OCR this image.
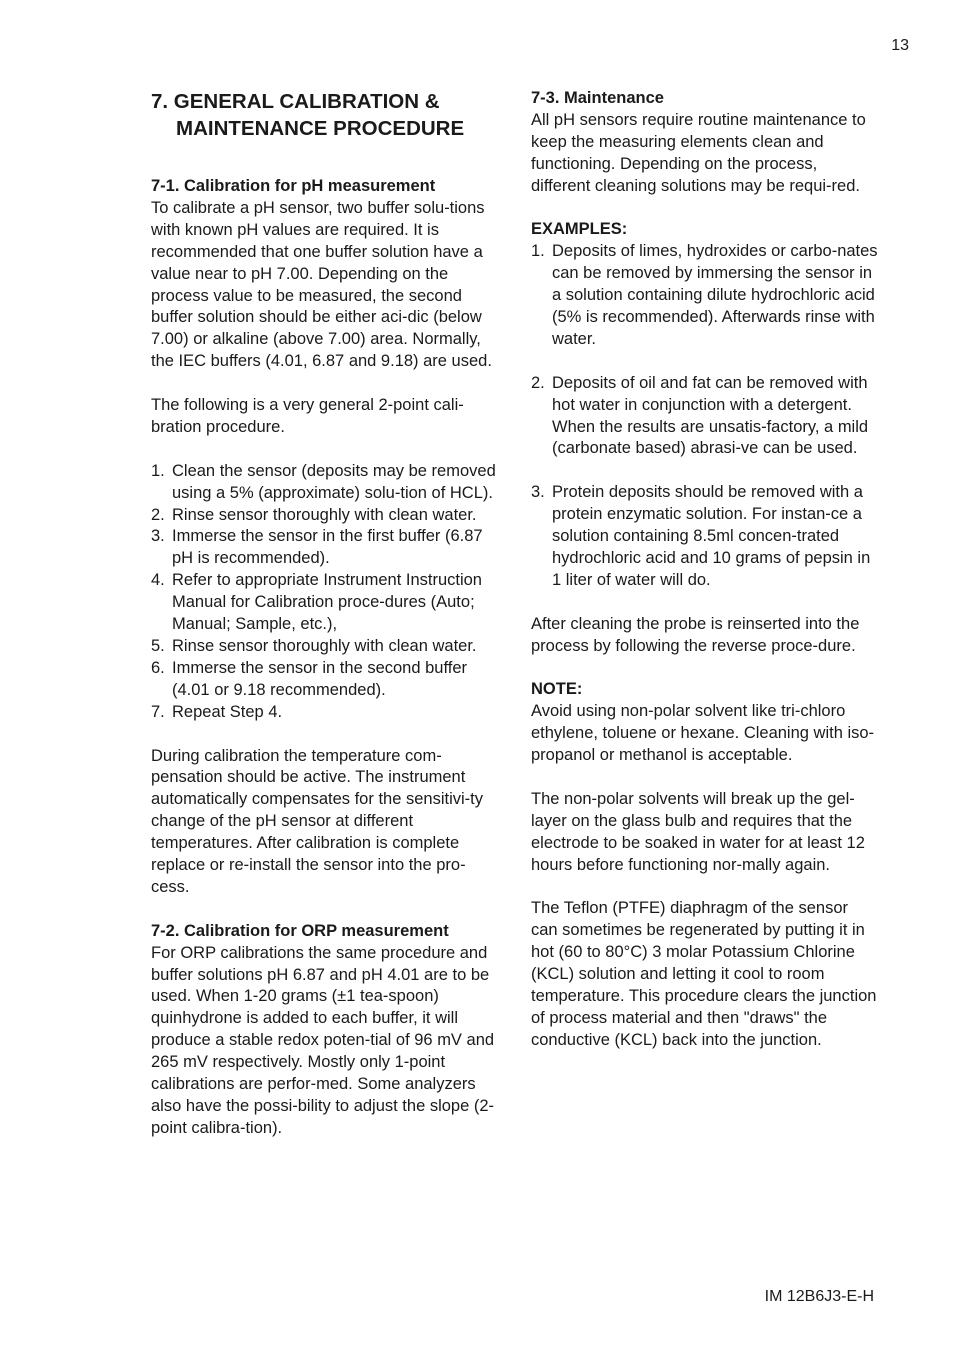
13
7. GENERAL CALIBRATION &
MAINTENANCE PROCEDURE

7-1. Calibration for pH measurement

To calibrate a pH sensor, two buffer solu-tions with known pH values are required. It is recommended that one buffer solution have a value near to pH 7.00. Depending on the process value to be measured, the second buffer solution should be either aci-dic (below 7.00) or alkaline (above 7.00) area. Normally, the IEC buffers (4.01, 6.87 and 9.18) are used.

The following is a very general 2-point cali-bration procedure.

1. Clean the sensor (deposits may be removed using a 5% (approximate) solu-tion of HCL).
2. Rinse sensor thoroughly with clean water.
3. Immerse the sensor in the first buffer (6.87 pH is recommended).
4. Refer to appropriate Instrument Instruction Manual for Calibration proce-dures (Auto; Manual; Sample, etc.),
5. Rinse sensor thoroughly with clean water.
6. Immerse the sensor in the second buffer (4.01 or 9.18 recommended).
7. Repeat Step 4.

During calibration the temperature com-pensation should be active. The instrument automatically compensates for the sensitivi-ty change of the pH sensor at different temperatures. After calibration is complete replace or re-install the sensor into the pro-cess.

7-2. Calibration for ORP measurement

For ORP calibrations the same procedure and buffer solutions pH 6.87 and pH 4.01 are to be used. When 1-20 grams (±1 tea-spoon) quinhydrone is added to each buffer, it will produce a stable redox poten-tial of 96 mV and 265 mV respectively. Mostly only 1-point calibrations are perfor-med. Some analyzers also have the possi-bility to adjust the slope (2-point calibra-tion).

7-3. Maintenance

All pH sensors require routine maintenance to keep the measuring elements clean and functioning. Depending on the process, different cleaning solutions may be requi-red.

EXAMPLES:

1. Deposits of limes, hydroxides or carbo-nates can be removed by immersing the sensor in a solution containing dilute hydrochloric acid (5% is recommended). Afterwards rinse with water.
2. Deposits of oil and fat can be removed with hot water in conjunction with a detergent. When the results are unsatis-factory, a mild (carbonate based) abrasi-ve can be used.
3. Protein deposits should be removed with a protein enzymatic solution. For instan-ce a solution containing 8.5ml concen-trated hydrochloric acid and 10 grams of pepsin in 1 liter of water will do.

After cleaning the probe is reinserted into the process by following the reverse proce-dure.

NOTE:

Avoid using non-polar solvent like tri-chloro ethylene, toluene or hexane. Cleaning with iso-propanol or methanol is acceptable.

The non-polar solvents will break up the gel-layer on the glass bulb and requires that the electrode to be soaked in water for at least 12 hours before functioning nor-mally again.

The Teflon (PTFE) diaphragm of the sensor can sometimes be regenerated by putting it in hot (60 to 80°C) 3 molar Potassium Chlorine (KCL) solution and letting it cool to room temperature. This procedure clears the junction of process material and then "draws" the conductive (KCL) back into the junction.

IM 12B6J3-E-H
